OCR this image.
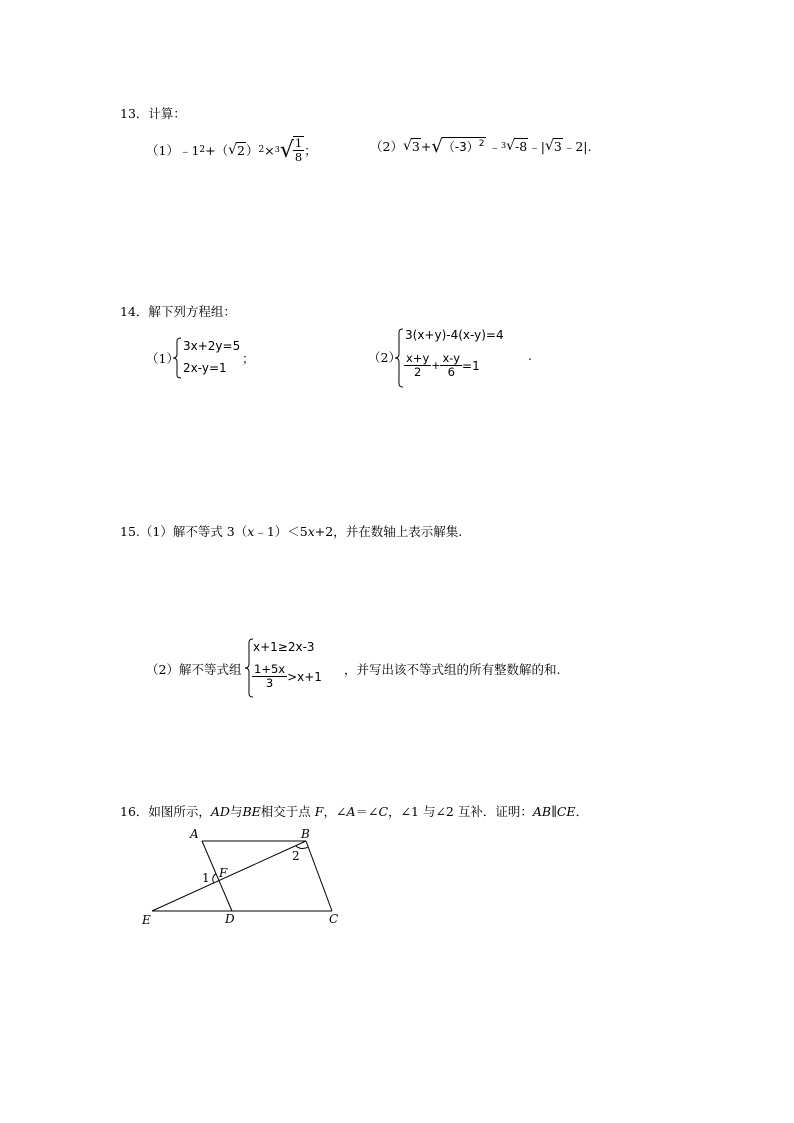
13．计算：
（1） ﹣1 2 +（ √ 2 ） 2 × 3 √ $\frac{1}{8}$ ；	（2） √ 3 + √ $(-3)^2$ ﹣ 3 √ -8 ﹣| √ 3 ﹣2|.
14．解下列方程组：
（1）
3x+2y=5
2x-y=1
；	（2）
3(x+y)-4(x-y)=4
$\frac{x+y}{2} + \frac{x-y}{6} =1$
.
15.（1）解不等式 3（x﹣1）＜5x+2，并在数轴上表示解集.
（2）解不等式组
x+1≥2x-3
$\frac{1+5x}{3} >x+1$ ，并写出该不等式组的所有整数解的和.
16．如图所示，AD与BE相交于点 F，∠A＝∠C，∠1 与∠2 互补．证明：AB∥CE．
A	B
C
D
E
F
1
2
